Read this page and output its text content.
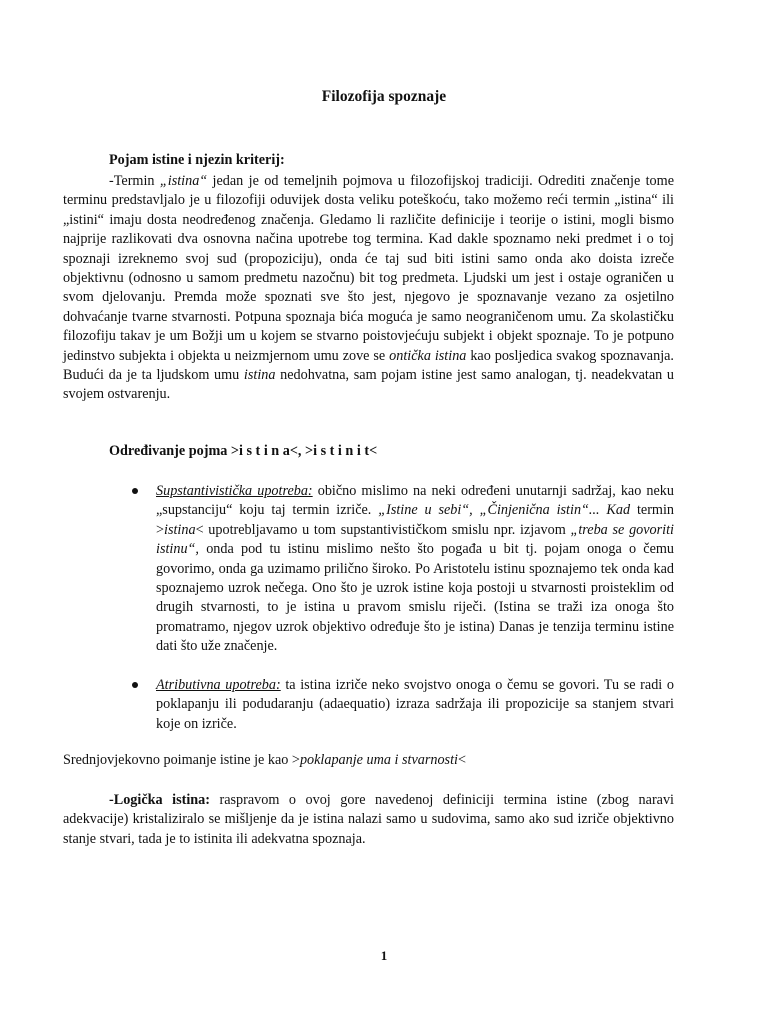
Filozofija spoznaje
Pojam istine i njezin kriterij:

-Termin „istina“ jedan je od temeljnih pojmova u filozofijskoj tradiciji. Odrediti značenje tome terminu predstavljalo je u filozofiji oduvijek dosta veliku poteškoću, tako možemo reći termin „istina“ ili „istini“ imaju dosta neodređenog značenja. Gledamo li različite definicije i teorije o istini, mogli bismo najprije razlikovati dva osnovna načina upotrebe tog termina. Kad dakle spoznamo neki predmet i o toj spoznaji izreknemo svoj sud (propoziciju), onda će taj sud biti istini samo onda ako doista izreče objektivnu (odnosno u samom predmetu nazočnu) bit tog predmeta. Ljudski um jest i ostaje ograničen u svom djelovanju. Premda može spoznati sve što jest, njegovo je spoznavanje vezano za osjetilno dohvaćanje tvarne stvarnosti. Potpuna spoznaja bića moguća je samo neograničenom umu. Za skolastičku filozofiju takav je um Božji um u kojem se stvarno poistovjećuju subjekt i objekt spoznaje. To je potpuno jedinstvo subjekta i objekta u neizmjernom umu zove se ontička istina kao posljedica svakog spoznavanja. Budući da je ta ljudskom umu istina nedohvatna, sam pojam istine jest samo analogan, tj. neadekvatan u svojem ostvarenju.

Određivanje pojma >i s t i n a<, >i s t i n i t<

Supstantivistička upotreba: obično mislimo na neki određeni unutarnji sadržaj, kao neku „supstanciju“ koju taj termin izriče. „Istine u sebi“, „Činjenična istin“... Kad termin >istina< upotrebljavamo u tom supstantivističkom smislu npr. izjavom „treba se govoriti istinu“, onda pod tu istinu mislimo nešto što pogađa u bit tj. pojam onoga o čemu govorimo, onda ga uzimamo prilično široko. Po Aristotelu istinu spoznajemo tek onda kad spoznajemo uzrok nečega. Ono što je uzrok istine koja postoji u stvarnosti proisteklim od drugih stvarnosti, to je istina u pravom smislu riječi. (Istina se traži iza onoga što promatramo, njegov uzrok objektivo određuje što je istina) Danas je tenzija terminu istine dati što uže značenje.

Atributivna upotreba: ta istina izriče neko svojstvo onoga o čemu se govori. Tu se radi o poklapanju ili podudaranju (adaequatio) izraza sadržaja ili propozicije sa stanjem stvari koje on izriče.

Srednjovjekovno poimanje istine je kao >poklapanje uma i stvarnosti<

-Logička istina: raspravom o ovoj gore navedenoj definiciji termina istine (zbog naravi adekvacije) kristaliziralo se mišljenje da je istina nalazi samo u sudovima, samo ako sud izriče objektivno stanje stvari, tada je to istinita ili adekvatna spoznaja.

1
